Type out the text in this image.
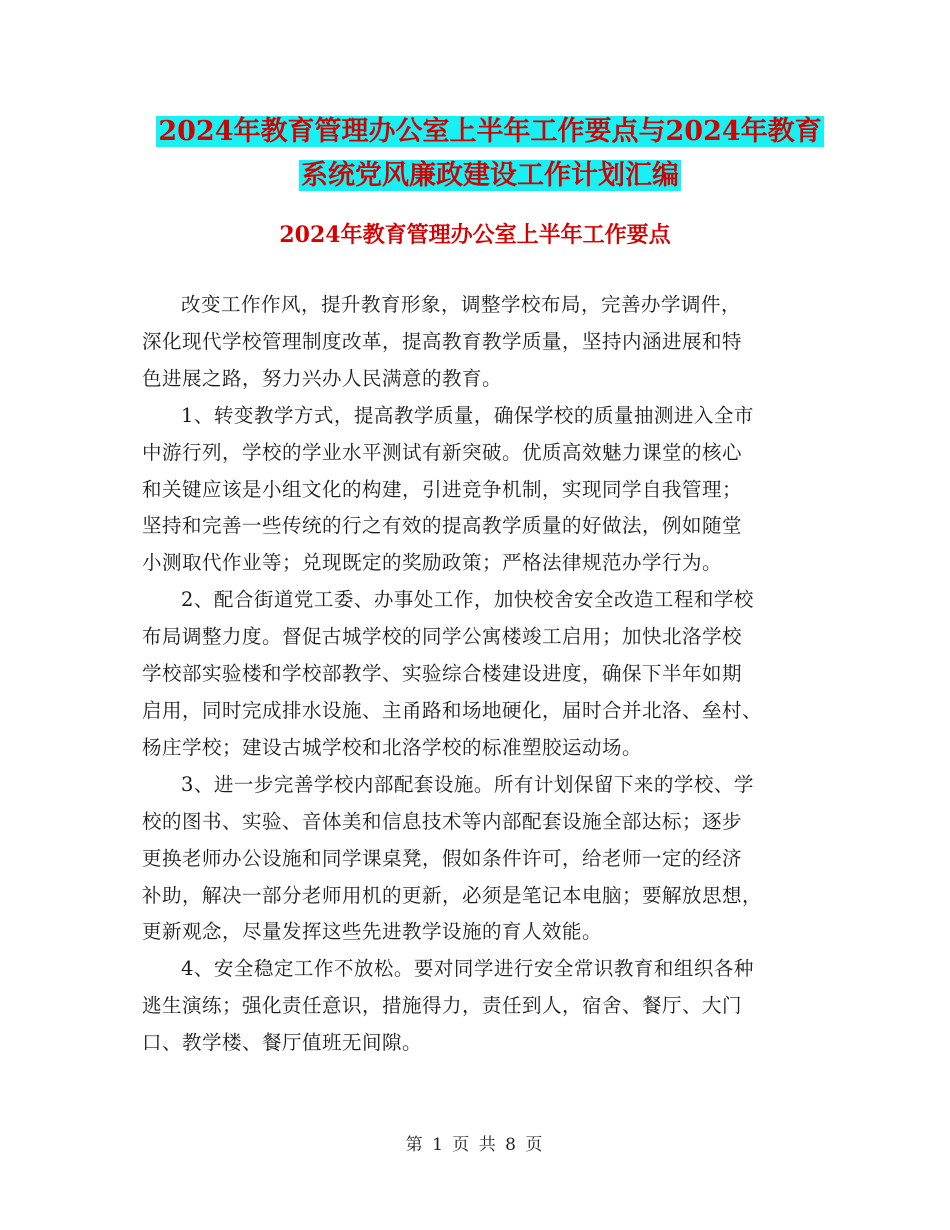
2024年教育管理办公室上半年工作要点与2024年教育
系统党风廉政建设工作计划汇编
2024年教育管理办公室上半年工作要点

改变工作作风，提升教育形象，调整学校布局，完善办学调件，
深化现代学校管理制度改革，提高教育教学质量，坚持内涵进展和特
色进展之路，努力兴办人民满意的教育。

1、转变教学方式，提高教学质量，确保学校的质量抽测进入全市
中游行列，学校的学业水平测试有新突破。优质高效魅力课堂的核心
和关键应该是小组文化的构建，引进竞争机制，实现同学自我管理；
坚持和完善一些传统的行之有效的提高教学质量的好做法，例如随堂
小测取代作业等；兑现既定的奖励政策；严格法律规范办学行为。

2、配合街道党工委、办事处工作，加快校舍安全改造工程和学校
布局调整力度。督促古城学校的同学公寓楼竣工启用；加快北洛学校
学校部实验楼和学校部教学、实验综合楼建设进度，确保下半年如期
启用，同时完成排水设施、主甬路和场地硬化，届时合并北洛、垒村、
杨庄学校；建设古城学校和北洛学校的标准塑胶运动场。

3、进一步完善学校内部配套设施。所有计划保留下来的学校、学
校的图书、实验、音体美和信息技术等内部配套设施全部达标；逐步
更换老师办公设施和同学课桌凳，假如条件许可，给老师一定的经济
补助，解决一部分老师用机的更新，必须是笔记本电脑；要解放思想，
更新观念，尽量发挥这些先进教学设施的育人效能。

4、安全稳定工作不放松。要对同学进行安全常识教育和组织各种
逃生演练；强化责任意识，措施得力，责任到人，宿舍、餐厅、大门
口、教学楼、餐厅值班无间隙。

第 1 页 共 8 页
